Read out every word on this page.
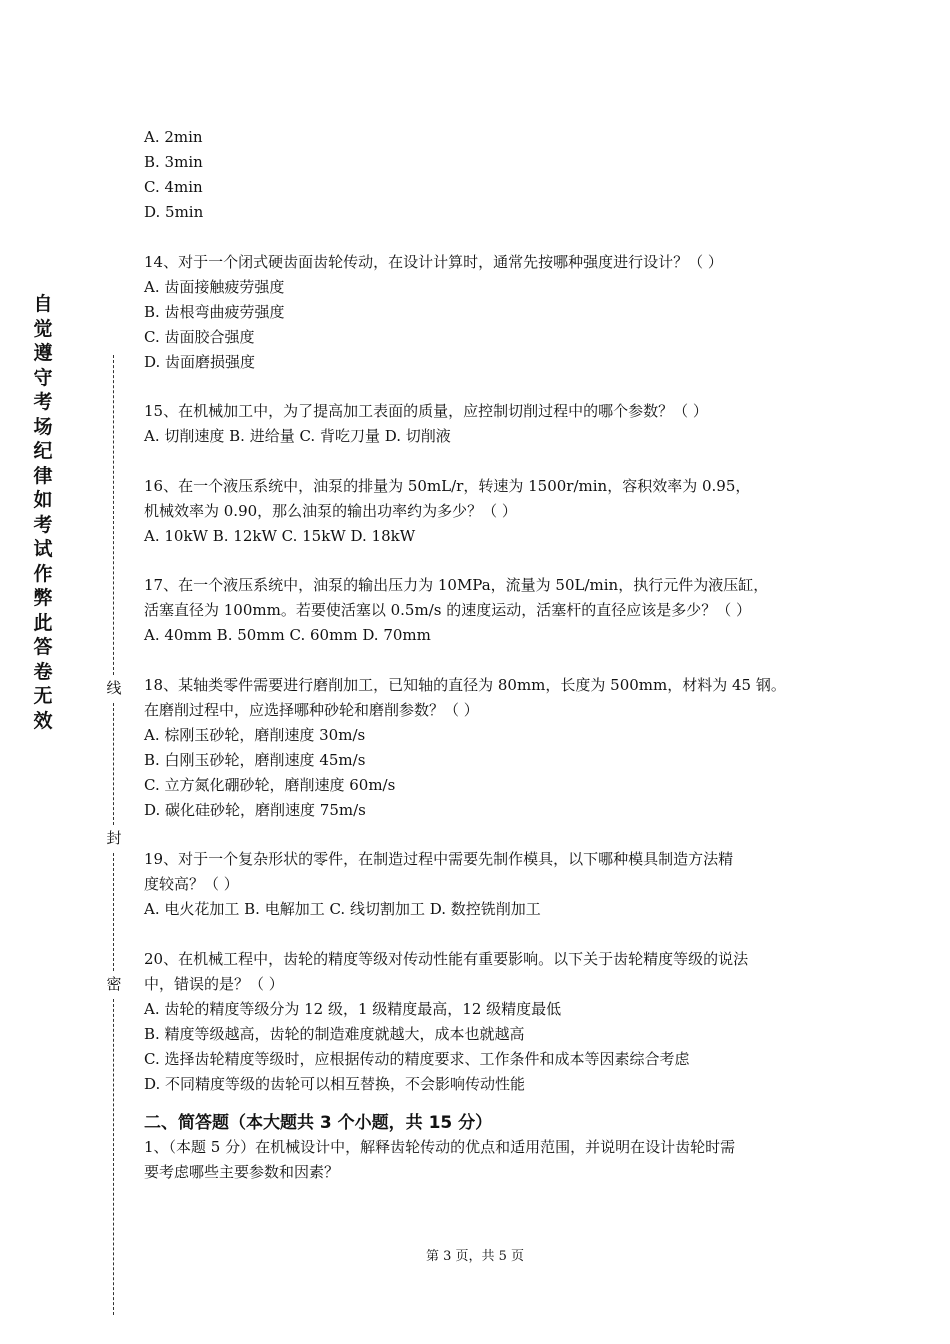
自觉遵守考场纪律如考试作弊此答卷无效
线
封
密

A. 2min

B. 3min

C. 4min

D. 5min

14、对于一个闭式硬齿面齿轮传动，在设计计算时，通常先按哪种强度进行设计？（ ）

A. 齿面接触疲劳强度

B. 齿根弯曲疲劳强度

C. 齿面胶合强度

D. 齿面磨损强度

15、在机械加工中，为了提高加工表面的质量，应控制切削过程中的哪个参数？（ ）

A. 切削速度 B. 进给量 C. 背吃刀量 D. 切削液

16、在一个液压系统中，油泵的排量为 50mL/r，转速为 1500r/min，容积效率为 0.95，

机械效率为 0.90，那么油泵的输出功率约为多少？（ ）

A. 10kW B. 12kW C. 15kW D. 18kW

17、在一个液压系统中，油泵的输出压力为 10MPa，流量为 50L/min，执行元件为液压缸，

活塞直径为 100mm。若要使活塞以 0.5m/s 的速度运动，活塞杆的直径应该是多少？（ ）

A. 40mm B. 50mm C. 60mm D. 70mm

18、某轴类零件需要进行磨削加工，已知轴的直径为 80mm，长度为 500mm，材料为 45 钢。

在磨削过程中，应选择哪种砂轮和磨削参数？（ ）

A. 棕刚玉砂轮，磨削速度 30m/s

B. 白刚玉砂轮，磨削速度 45m/s

C. 立方氮化硼砂轮，磨削速度 60m/s

D. 碳化硅砂轮，磨削速度 75m/s

19、对于一个复杂形状的零件，在制造过程中需要先制作模具，以下哪种模具制造方法精

度较高？（ ）

A. 电火花加工 B. 电解加工 C. 线切割加工 D. 数控铣削加工

20、在机械工程中，齿轮的精度等级对传动性能有重要影响。以下关于齿轮精度等级的说法

中，错误的是？（ ）

A. 齿轮的精度等级分为 12 级，1 级精度最高，12 级精度最低

B. 精度等级越高，齿轮的制造难度就越大，成本也就越高

C. 选择齿轮精度等级时，应根据传动的精度要求、工作条件和成本等因素综合考虑

D. 不同精度等级的齿轮可以相互替换，不会影响传动性能

二、简答题（本大题共 3 个小题，共 15 分）

1、（本题 5 分）在机械设计中，解释齿轮传动的优点和适用范围，并说明在设计齿轮时需

要考虑哪些主要参数和因素？

第 3 页，共 5 页
